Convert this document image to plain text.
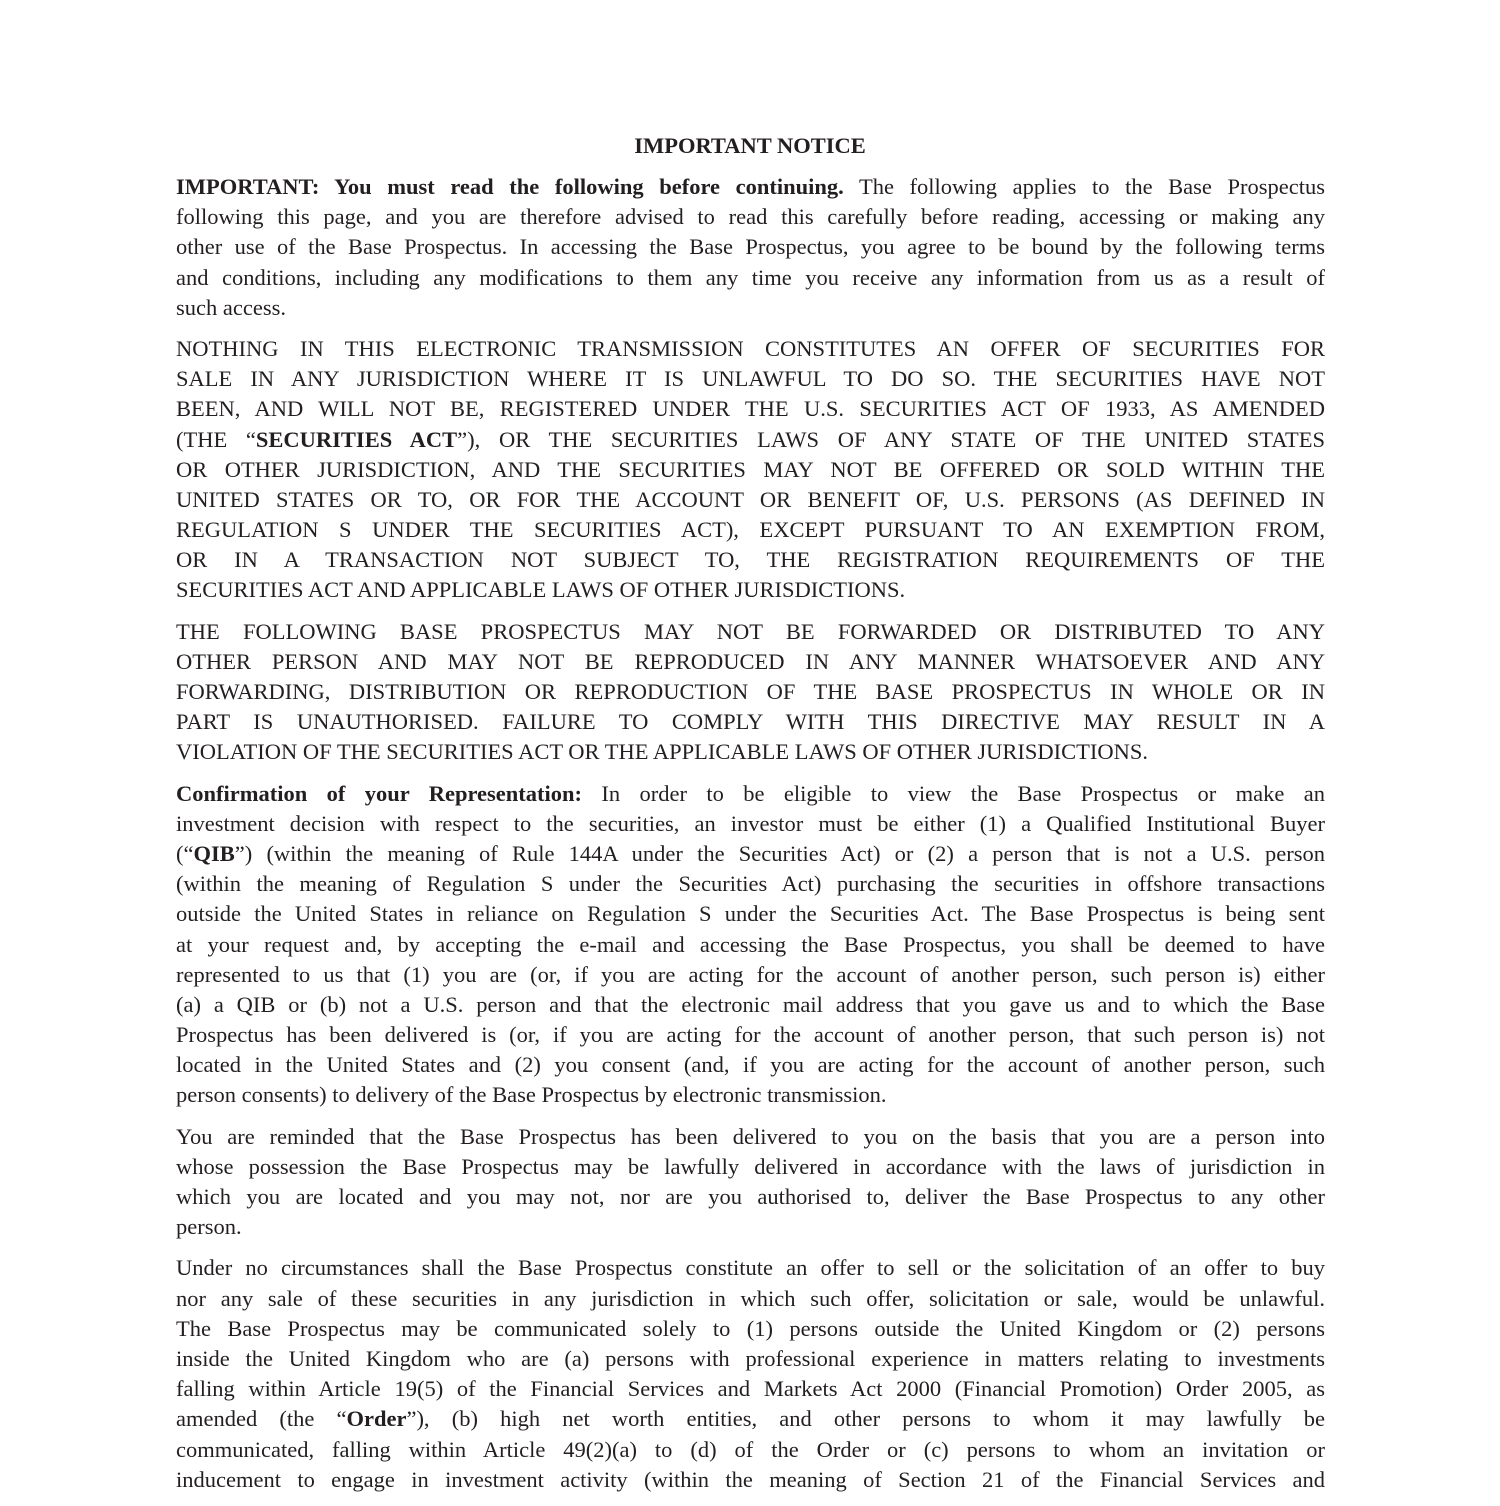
IMPORTANT NOTICE
IMPORTANT: You must read the following before continuing. The following applies to the Base Prospectus
following this page, and you are therefore advised to read this carefully before reading, accessing or making any
other use of the Base Prospectus. In accessing the Base Prospectus, you agree to be bound by the following terms
and conditions, including any modifications to them any time you receive any information from us as a result of
such access.
NOTHING IN THIS ELECTRONIC TRANSMISSION CONSTITUTES AN OFFER OF SECURITIES FOR
SALE IN ANY JURISDICTION WHERE IT IS UNLAWFUL TO DO SO. THE SECURITIES HAVE NOT
BEEN, AND WILL NOT BE, REGISTERED UNDER THE U.S. SECURITIES ACT OF 1933, AS AMENDED
(THE “SECURITIES ACT”), OR THE SECURITIES LAWS OF ANY STATE OF THE UNITED STATES
OR OTHER JURISDICTION, AND THE SECURITIES MAY NOT BE OFFERED OR SOLD WITHIN THE
UNITED STATES OR TO, OR FOR THE ACCOUNT OR BENEFIT OF, U.S. PERSONS (AS DEFINED IN
REGULATION S UNDER THE SECURITIES ACT), EXCEPT PURSUANT TO AN EXEMPTION FROM,
OR IN A TRANSACTION NOT SUBJECT TO, THE REGISTRATION REQUIREMENTS OF THE
SECURITIES ACT AND APPLICABLE LAWS OF OTHER JURISDICTIONS.
THE FOLLOWING BASE PROSPECTUS MAY NOT BE FORWARDED OR DISTRIBUTED TO ANY
OTHER PERSON AND MAY NOT BE REPRODUCED IN ANY MANNER WHATSOEVER AND ANY
FORWARDING, DISTRIBUTION OR REPRODUCTION OF THE BASE PROSPECTUS IN WHOLE OR IN
PART IS UNAUTHORISED. FAILURE TO COMPLY WITH THIS DIRECTIVE MAY RESULT IN A
VIOLATION OF THE SECURITIES ACT OR THE APPLICABLE LAWS OF OTHER JURISDICTIONS.
Confirmation of your Representation: In order to be eligible to view the Base Prospectus or make an
investment decision with respect to the securities, an investor must be either (1) a Qualified Institutional Buyer
(“QIB”) (within the meaning of Rule 144A under the Securities Act) or (2) a person that is not a U.S. person
(within the meaning of Regulation S under the Securities Act) purchasing the securities in offshore transactions
outside the United States in reliance on Regulation S under the Securities Act. The Base Prospectus is being sent
at your request and, by accepting the e-mail and accessing the Base Prospectus, you shall be deemed to have
represented to us that (1) you are (or, if you are acting for the account of another person, such person is) either
(a) a QIB or (b) not a U.S. person and that the electronic mail address that you gave us and to which the Base
Prospectus has been delivered is (or, if you are acting for the account of another person, that such person is) not
located in the United States and (2) you consent (and, if you are acting for the account of another person, such
person consents) to delivery of the Base Prospectus by electronic transmission.
You are reminded that the Base Prospectus has been delivered to you on the basis that you are a person into
whose possession the Base Prospectus may be lawfully delivered in accordance with the laws of jurisdiction in
which you are located and you may not, nor are you authorised to, deliver the Base Prospectus to any other
person.
Under no circumstances shall the Base Prospectus constitute an offer to sell or the solicitation of an offer to buy
nor any sale of these securities in any jurisdiction in which such offer, solicitation or sale, would be unlawful.
The Base Prospectus may be communicated solely to (1) persons outside the United Kingdom or (2) persons
inside the United Kingdom who are (a) persons with professional experience in matters relating to investments
falling within Article 19(5) of the Financial Services and Markets Act 2000 (Financial Promotion) Order 2005, as
amended (the “Order”), (b) high net worth entities, and other persons to whom it may lawfully be
communicated, falling within Article 49(2)(a) to (d) of the Order or (c) persons to whom an invitation or
inducement to engage in investment activity (within the meaning of Section 21 of the Financial Services and
